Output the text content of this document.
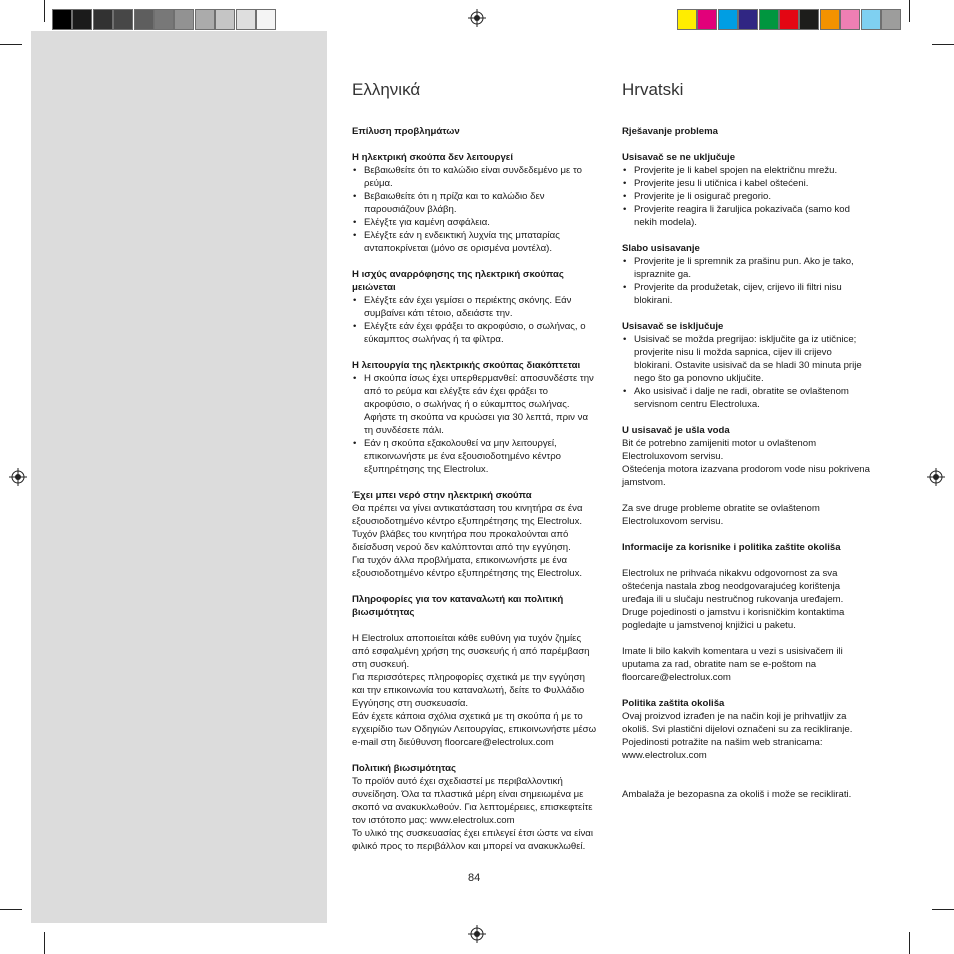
Ελληνικά

Επίλυση προβλημάτων

Η ηλεκτρική σκούπα δεν λειτουργεί

• Βεβαιωθείτε ότι το καλώδιο είναι συνδεδεμένο με το ρεύμα.
• Βεβαιωθείτε ότι η πρίζα και το καλώδιο δεν παρουσιάζουν βλάβη.
• Ελέγξτε για καμένη ασφάλεια.
• Ελέγξτε εάν η ενδεικτική λυχνία της μπαταρίας ανταποκρίνεται (μόνο σε ορισμένα μοντέλα).

Η ισχύς αναρρόφησης της ηλεκτρική σκούπας μειώνεται

• Ελέγξτε εάν έχει γεμίσει ο περιέκτης σκόνης. Εάν συμβαίνει κάτι τέτοιο, αδειάστε την.
• Ελέγξτε εάν έχει φράξει το ακροφύσιο, ο σωλήνας, ο εύκαμπτος σωλήνας ή τα φίλτρα.

Η λειτουργία της ηλεκτρικής σκούπας διακόπτεται

• Η σκούπα ίσως έχει υπερθερμανθεί: αποσυνδέστε την από το ρεύμα και ελέγξτε εάν έχει φράξει το ακροφύσιο, ο σωλήνας ή ο εύκαμπτος σωλήνας. Αφήστε τη σκούπα να κρυώσει για 30 λεπτά, πριν να τη συνδέσετε πάλι.
• Εάν η σκούπα εξακολουθεί να μην λειτουργεί, επικοινωνήστε με ένα εξουσιοδοτημένο κέντρο εξυπηρέτησης της Electrolux.

Έχει μπει νερό στην ηλεκτρική σκούπα

Θα πρέπει να γίνει αντικατάσταση του κινητήρα σε ένα εξουσιοδοτημένο κέντρο εξυπηρέτησης της Electrolux. Τυχόν βλάβες του κινητήρα που προκαλούνται από διείσδυση νερού δεν καλύπτονται από την εγγύηση.

Για τυχόν άλλα προβλήματα, επικοινωνήστε με ένα εξουσιοδοτημένο κέντρο εξυπηρέτησης της Electrolux.

Πληροφορίες για τον καταναλωτή και πολιτική βιωσιμότητας

Η Electrolux αποποιείται κάθε ευθύνη για τυχόν ζημίες από εσφαλμένη χρήση της συσκευής ή από παρέμβαση στη συσκευή.

Για περισσότερες πληροφορίες σχετικά με την εγγύηση και την επικοινωνία του καταναλωτή, δείτε το Φυλλάδιο Εγγύησης στη συσκευασία.

Εάν έχετε κάποια σχόλια σχετικά με τη σκούπα ή με το εγχειρίδιο των Οδηγιών Λειτουργίας, επικοινωνήστε μέσω e-mail στη διεύθυνση floorcare@electrolux.com

Πολιτική βιωσιμότητας

Το προϊόν αυτό έχει σχεδιαστεί με περιβαλλοντική συνείδηση. Όλα τα πλαστικά μέρη είναι σημειωμένα με σκοπό να ανακυκλωθούν. Για λεπτομέρειες, επισκεφτείτε τον ιστότοπο μας: www.electrolux.com

Το υλικό της συσκευασίας έχει επιλεγεί έτσι ώστε να είναι φιλικό προς το περιβάλλον και μπορεί να ανακυκλωθεί.

Hrvatski

Rješavanje problema

Usisavač se ne uključuje

• Provjerite je li kabel spojen na električnu mrežu.
• Provjerite jesu li utičnica i kabel oštećeni.
• Provjerite je li osigurač pregorio.
• Provjerite reagira li žaruljica pokazivača (samo kod nekih modela).

Slabo usisavanje

• Provjerite je li spremnik za prašinu pun. Ako je tako, ispraznite ga.
• Provjerite da produžetak, cijev, crijevo ili filtri nisu blokirani.

Usisavač se isključuje

• Usisivač se možda pregrijao: isključite ga iz utičnice; provjerite nisu li možda sapnica, cijev ili crijevo blokirani. Ostavite usisivač da se hladi 30 minuta prije nego što ga ponovno uključite.
• Ako usisivač i dalje ne radi, obratite se ovlaštenom servisnom centru Electroluxa.

U usisavač je ušla voda

Bit će potrebno zamijeniti motor u ovlaštenom Electroluxovom servisu.

Oštećenja motora izazvana prodorom vode nisu pokrivena jamstvom.

Za sve druge probleme obratite se ovlaštenom Electroluxovom servisu.

Informacije za korisnike i politika zaštite okoliša

Electrolux ne prihvaća nikakvu odgovornost za sva oštećenja nastala zbog neodgovarajućeg korištenja uređaja ili u slučaju nestručnog rukovanja uređajem. Druge pojedinosti o jamstvu i korisničkim kontaktima pogledajte u jamstvenoj knjižici u paketu.

Imate li bilo kakvih komentara u vezi s usisivačem ili uputama za rad, obratite nam se e-poštom na floorcare@electrolux.com

Politika zaštita okoliša

Ovaj proizvod izrađen je na način koji je prihvatljiv za okoliš. Svi plastični dijelovi označeni su za recikliranje. Pojedinosti potražite na našim web stranicama: www.electrolux.com

Ambalaža je bezopasna za okoliš i može se reciklirati.

84
